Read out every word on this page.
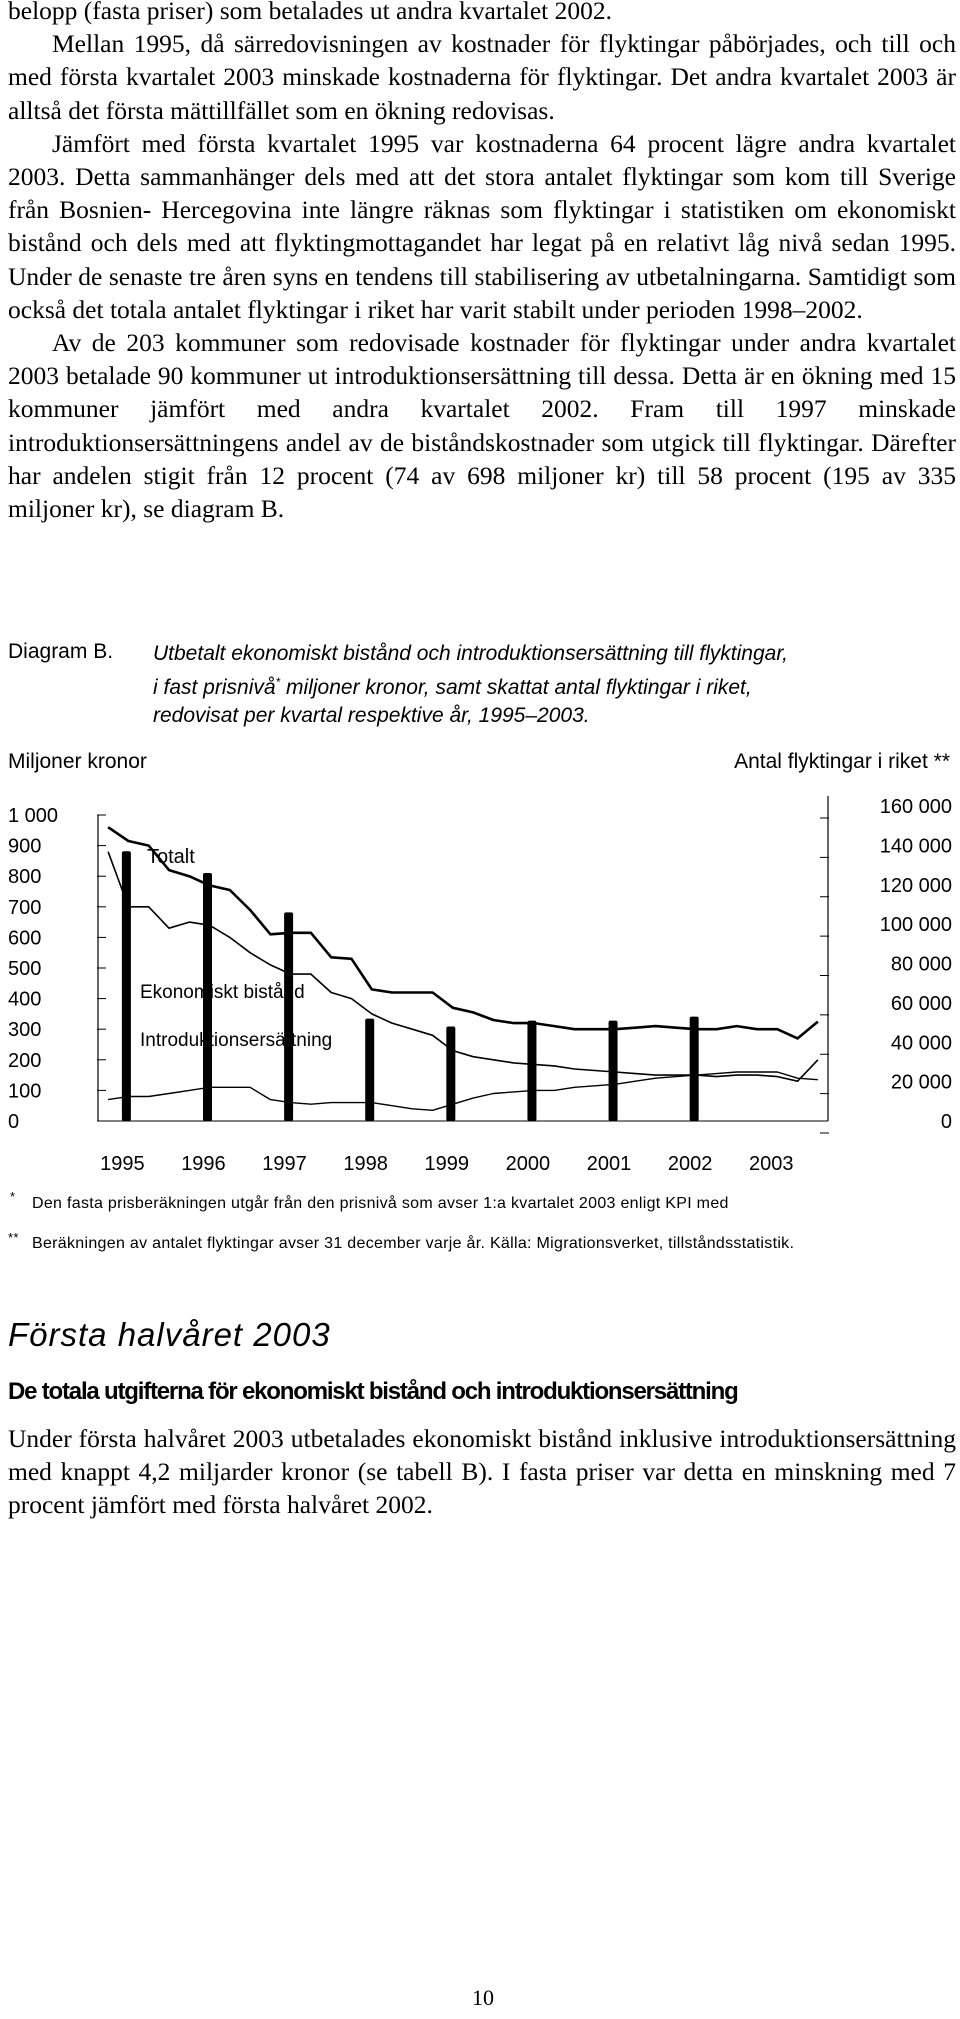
belopp (fasta priser) som betalades ut andra kvartalet 2002.

Mellan 1995, då särredovisningen av kostnader för flyktingar påbörjades, och till och med första kvartalet 2003 minskade kostnaderna för flyktingar. Det andra kvartalet 2003 är alltså det första mättillfället som en ökning redovisas.

Jämfört med första kvartalet 1995 var kostnaderna 64 procent lägre andra kvartalet 2003. Detta sammanhänger dels med att det stora antalet flyktingar som kom till Sverige från Bosnien- Hercegovina inte längre räknas som flyktingar i statistiken om ekonomiskt bistånd och dels med att flyktingmottagandet har legat på en relativt låg nivå sedan 1995. Under de senaste tre åren syns en tendens till stabilisering av utbetalningarna. Samtidigt som också det totala antalet flyktingar i riket har varit stabilt under perioden 1998–2002.

Av de 203 kommuner som redovisade kostnader för flyktingar under andra kvartalet 2003 betalade 90 kommuner ut introduktionsersättning till dessa. Detta är en ökning med 15 kommuner jämfört med andra kvartalet 2002. Fram till 1997 minskade introduktionsersättningens andel av de biståndskostnader som utgick till flyktingar. Därefter har andelen stigit från 12 procent (74 av 698 miljoner kr) till 58 procent (195 av 335 miljoner kr), se diagram B.

Diagram B. Utbetalt ekonomiskt bistånd och introduktionsersättning till flyktingar,
i fast prisnivå* miljoner kronor, samt skattat antal flyktingar i riket,
redovisat per kvartal respektive år, 1995–2003.
Miljoner kronor	Antal flyktingar i riket **
1 000
900
800
700
600
500
400
300
200
100
0
160 000
140 000
120 000
100 000
80 000
60 000
40 000
20 000
0
1995 1996 1997 1998 1999 2000 2001 2002 2003
Totalt
Ekonomiskt bistånd
Introduktionsersättning
* Den fasta prisberäkningen utgår från den prisnivå som avser 1:a kvartalet 2003 enligt KPI med
** Beräkningen av antalet flyktingar avser 31 december varje år. Källa: Migrationsverket, tillståndsstatistik.
Första halvåret 2003
De totala utgifterna för ekonomiskt bistånd och introduktionsersättning

Under första halvåret 2003 utbetalades ekonomiskt bistånd inklusive introduktionsersättning med knappt 4,2 miljarder kronor (se tabell B). I fasta priser var detta en minskning med 7 procent jämfört med första halvåret 2002.

10
